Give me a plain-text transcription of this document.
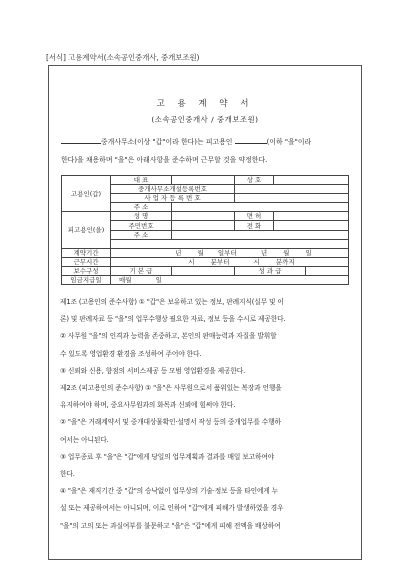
[서식] 고용계약서(소속공인중개사, 중개보조원)
고 용 계 약 서
(소속공인중개사 / 중개보조원)
중개사무소(이상 "갑"이라 한다)는 피고용인	(이하 "을"이라
한다)을 채용하며 "을"은 아래사항을 준수하며 근무할 것을 약정한다.
고용인(갑)	대 표		상 호		
	중개사무소개설등록번호				
	사 업 자 등 록 번 호				
	주 소				
피고용인(을)	성 명		면 허		
	주민번호		전 화		
	주 소				

계약기간	년 월 일부터 년 월 일				
근무시간	시 분부터 시 분까지				
보수구성	기 본 급		성 과 급		
임금지급일	매월 일				

제1조 (고용인의 준수사항) ① "갑"은 보유하고 있는 정보, 판례지식(실무 및 이

론) 및 판례자료 등 "을"의 업무수행상 필요한 자료, 정보 등을 수시로 제공한다.

② 사무원 "을"의 인격과 능력을 존중하고, 본인의 판매능력과 자질을 발휘할

수 있도록 영업환경 환경을 조성하여 주어야 한다.

③ 신뢰와 신용, 향점의 서비스제공 등 모범 영업환경을 제공한다.

제2조 (피고용인의 준수사항) ① "을"은 사무원으로서 품위있는 복장과 언행을

유지하여야 하며, 중요사무원과의 화목과 신뢰에 힘써야 한다.

② "을"은 거래계약서 및 중개대상물확인·설명서 작성 등의 중개업무를 수행하

여서는 아니된다.

③ 업무종료 후 "을"은 "갑"에게 당일의 업무계획과 결과를 매일 보고하여야

한다.

④ "을"은 재직기간 중 "갑"의 승낙없이 업무상의 기술·정보 등을 타인에게 누

설 또는 제공하여서는 아니되며, 이로 인하여 "갑"에게 피해가 발생하였을 경우

"을"의 고의 또는 과실여부를 불문하고 "을"은 "갑"에게 피해 전액을 배상하여
